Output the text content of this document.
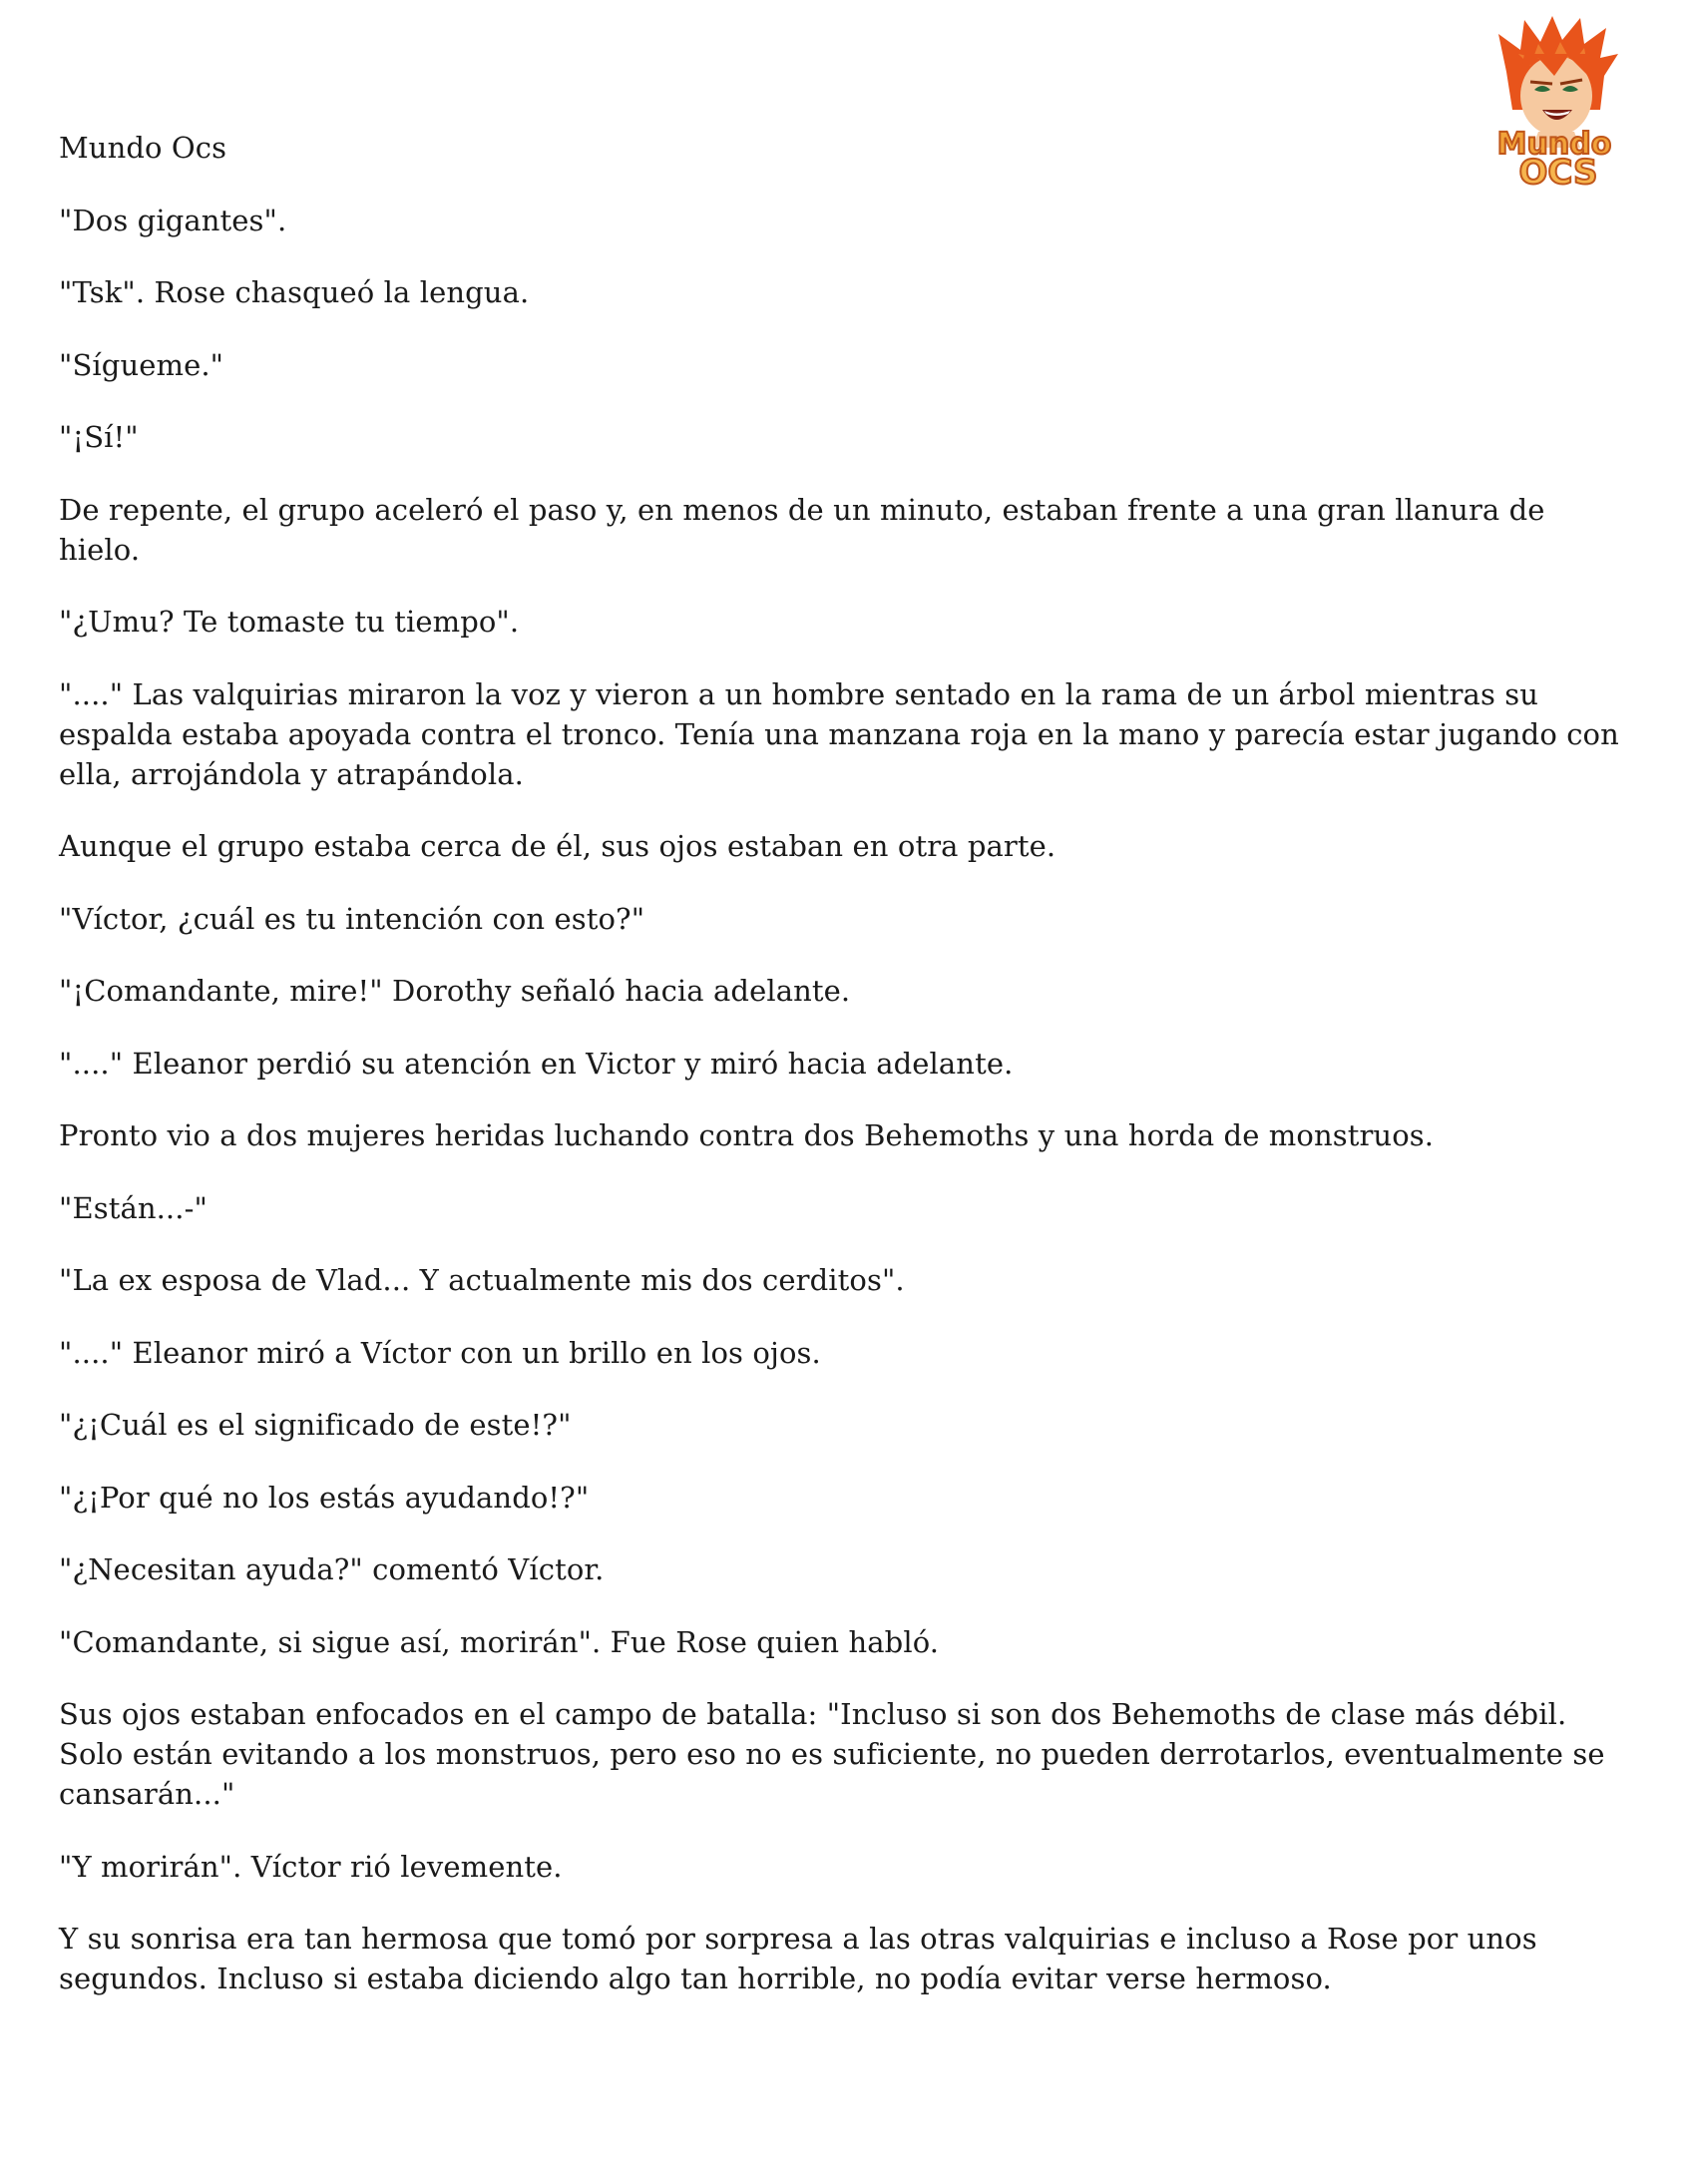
Mundo
OCS

Mundo Ocs

"Dos gigantes".

"Tsk". Rose chasqueó la lengua.

"Sígueme."

"¡Sí!"

De repente, el grupo aceleró el paso y, en menos de un minuto, estaban frente a una gran llanura de hielo.

"¿Umu? Te tomaste tu tiempo".

"...." Las valquirias miraron la voz y vieron a un hombre sentado en la rama de un árbol mientras su espalda estaba apoyada contra el tronco. Tenía una manzana roja en la mano y parecía estar jugando con ella, arrojándola y atrapándola.

Aunque el grupo estaba cerca de él, sus ojos estaban en otra parte.

"Víctor, ¿cuál es tu intención con esto?"

"¡Comandante, mire!" Dorothy señaló hacia adelante.

"...." Eleanor perdió su atención en Victor y miró hacia adelante.

Pronto vio a dos mujeres heridas luchando contra dos Behemoths y una horda de monstruos.

"Están...-"

"La ex esposa de Vlad... Y actualmente mis dos cerditos".

"...." Eleanor miró a Víctor con un brillo en los ojos.

"¿¡Cuál es el significado de este!?"

"¿¡Por qué no los estás ayudando!?"

"¿Necesitan ayuda?" comentó Víctor.

"Comandante, si sigue así, morirán". Fue Rose quien habló.

Sus ojos estaban enfocados en el campo de batalla: "Incluso si son dos Behemoths de clase más débil. Solo están evitando a los monstruos, pero eso no es suficiente, no pueden derrotarlos, eventualmente se cansarán..."

"Y morirán". Víctor rió levemente.

Y su sonrisa era tan hermosa que tomó por sorpresa a las otras valquirias e incluso a Rose por unos segundos. Incluso si estaba diciendo algo tan horrible, no podía evitar verse hermoso.
